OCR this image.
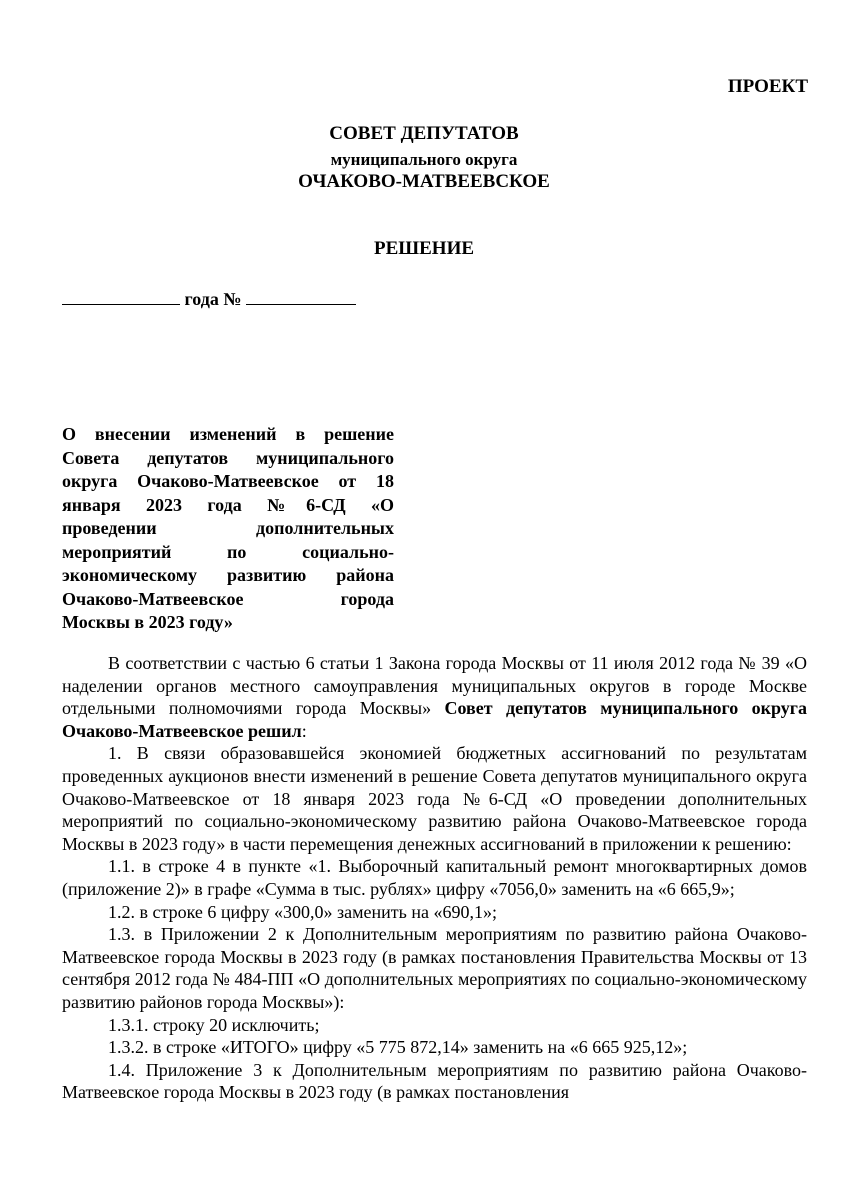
ПРОЕКТ
СОВЕТ ДЕПУТАТОВ
муниципального округа
ОЧАКОВО-МАТВЕЕВСКОЕ
РЕШЕНИЕ
года №
О внесении изменений в решение
Совета депутатов муниципального
округа Очаково-Матвеевское от 18
января 2023 года №6-СД «О
проведении дополнительных
мероприятий по социально-
экономическому развитию района
Очаково-Матвеевское города
Москвы в 2023 году»

В соответствии с частью 6 статьи 1 Закона города Москвы от 11 июля 2012 года № 39 «О наделении органов местного самоуправления муниципальных округов в городе Москве отдельными полномочиями города Москвы» Совет депутатов муниципального округа Очаково-Матвеевское решил:

1. В связи образовавшейся экономией бюджетных ассигнований по результатам проведенных аукционов внести изменений в решение Совета депутатов муниципального округа Очаково-Матвеевское от 18 января 2023 года №6-СД «О проведении дополнительных мероприятий по социально-экономическому развитию района Очаково-Матвеевское города Москвы в 2023 году» в части перемещения денежных ассигнований в приложении к решению:

1.1. в строке 4 в пункте «1. Выборочный капитальный ремонт многоквартирных домов (приложение 2)» в графе «Сумма в тыс. рублях» цифру «7056,0» заменить на «6 665,9»;

1.2. в строке 6 цифру «300,0» заменить на «690,1»;

1.3. в Приложении 2 к Дополнительным мероприятиям по развитию района Очаково-Матвеевское города Москвы в 2023 году (в рамках постановления Правительства Москвы от 13 сентября 2012 года № 484-ПП «О дополнительных мероприятиях по социально-экономическому развитию районов города Москвы»):

1.3.1. строку 20 исключить;

1.3.2. в строке «ИТОГО» цифру «5 775 872,14» заменить на «6 665 925,12»;

1.4. Приложение 3 к Дополнительным мероприятиям по развитию района Очаково-Матвеевское города Москвы в 2023 году (в рамках постановления
